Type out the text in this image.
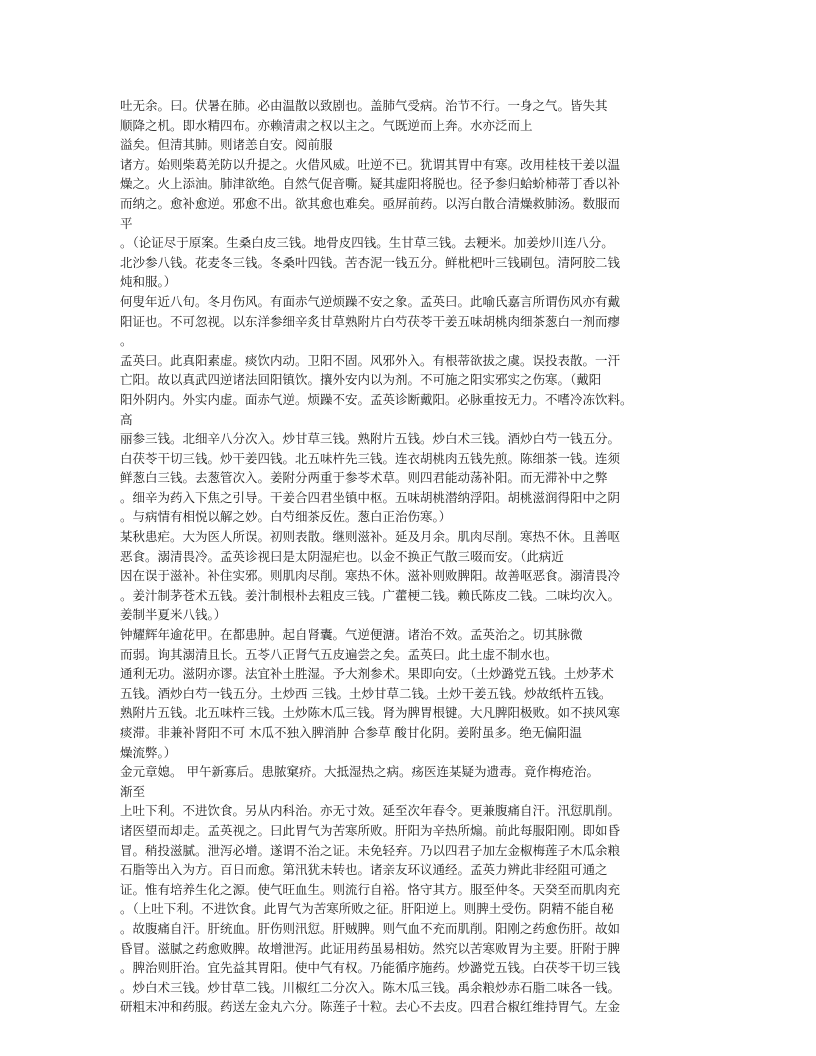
吐无余。曰。伏暑在肺。必由温散以致剧也。盖肺气受病。治节不行。一身之气。皆失其
顺降之机。即水精四布。亦赖清肃之权以主之。气既逆而上奔。水亦泛而上
溢矣。但清其肺。则诸恙自安。阅前服
诸方。始则柴葛羌防以升提之。火借风威。吐逆不已。犹谓其胃中有寒。改用桂枝干姜以温
燥之。火上添油。肺津欲绝。自然气促音嘶。疑其虚阳将脱也。径予参归蛤蚧柿蒂丁香以补
而纳之。愈补愈逆。邪愈不出。欲其愈也难矣。亟屏前药。以泻白散合清燥救肺汤。数服而
平
。（论证尽于原案。生桑白皮三钱。地骨皮四钱。生甘草三钱。去粳米。加姜炒川连八分。
北沙参八钱。花麦冬三钱。冬桑叶四钱。苦杏泥一钱五分。鲜枇杷叶三钱刷包。清阿胶二钱
炖和服。）
何叟年近八旬。冬月伤风。有面赤气逆烦躁不安之象。孟英曰。此喻氏嘉言所谓伤风亦有戴
阳证也。不可忽视。以东洋参细辛炙甘草熟附片白芍茯苓干姜五味胡桃肉细茶葱白一剂而瘳
。
孟英曰。此真阳素虚。痰饮内动。卫阳不固。风邪外入。有根蒂欲拔之虞。误投表散。一汗
亡阳。故以真武四逆诸法回阳镇饮。攘外安内以为剂。不可施之阳实邪实之伤寒。（戴阳
阳外阴内。外实内虚。面赤气逆。烦躁不安。孟英诊断戴阳。必脉重按无力。不嗜冷冻饮料。
高
丽参三钱。北细辛八分次入。炒甘草三钱。熟附片五钱。炒白术三钱。酒炒白芍一钱五分。
白茯苓干切三钱。炒干姜四钱。北五味杵先三钱。连衣胡桃肉五钱先煎。陈细茶一钱。连须
鲜葱白三钱。去葱管次入。姜附分两重于参苓术草。则四君能动荡补阳。而无滞补中之弊
。细辛为药入下焦之引导。干姜合四君坐镇中枢。五味胡桃潜纳浮阳。胡桃滋润得阳中之阴
。与病情有相悦以解之妙。白芍细茶反佐。葱白正治伤寒。）
某秋患疟。大为医人所误。初则表散。继则滋补。延及月余。肌肉尽削。寒热不休。且善呕
恶食。溺清畏冷。孟英诊视曰是太阴湿疟也。以金不换正气散三啜而安。（此病近
因在误于滋补。补住实邪。则肌肉尽削。寒热不休。滋补则败脾阳。故善呕恶食。溺清畏冷
。姜汁制茅苍术五钱。姜汁制根朴去粗皮三钱。广藿梗二钱。赖氏陈皮二钱。二味均次入。
姜制半夏米八钱。）
钟耀辉年逾花甲。在都患肿。起自肾囊。气逆便溏。诸治不效。孟英治之。切其脉微
而弱。询其溺清且长。五苓八正肾气五皮遍尝之矣。孟英曰。此土虚不制水也。
通利无功。滋阴亦谬。法宜补土胜湿。予大剂参术。果即向安。（土炒潞党五钱。土炒茅术
五钱。酒炒白芍一钱五分。土炒西 三钱。土炒甘草二钱。土炒干姜五钱。炒故纸杵五钱。
熟附片五钱。北五味杵三钱。土炒陈木瓜三钱。肾为脾胃根键。大凡脾阳极败。如不挟风寒
痰滞。非兼补肾阳不可 木瓜不独入脾消肿 合参草 酸甘化阴。姜附虽多。绝无偏阳温
燥流弊。）
金元章媳。 甲午新寡后。患脓窠疥。大抵湿热之病。疡医连某疑为遗毒。竟作梅疮治。
渐至
上吐下利。不进饮食。另从内科治。亦无寸效。延至次年春令。更兼腹痛自汗。汛愆肌削。
诸医望而却走。孟英视之。曰此胃气为苦寒所败。肝阳为辛热所煽。前此每服阳刚。即如昏
冒。稍投滋腻。泄泻必增。遂谓不治之证。未免轻弃。乃以四君子加左金椒梅莲子木瓜余粮
石脂等出入为方。百日而愈。第汛犹未转也。诸亲友环议通经。孟英力辨此非经阻可通之
证。惟有培养生化之源。使气旺血生。则流行自裕。恪守其方。服至仲冬。天癸至而肌肉充
。（上吐下利。不进饮食。此胃气为苦寒所败之征。肝阳逆上。则脾土受伤。阴精不能自秘
。故腹痛自汗。肝统血。肝伤则汛愆。肝贼脾。则气血不充而肌削。阳刚之药愈伤肝。故如
昏冒。滋腻之药愈败脾。故增泄泻。此证用药虽易相妨。然究以苦寒败胃为主要。肝附于脾
。脾治则肝治。宜先益其胃阳。使中气有权。乃能循序施药。炒潞党五钱。白茯苓干切三钱
。炒白术三钱。炒甘草二钱。川椒红二分次入。陈木瓜三钱。禹余粮炒赤石脂二味各一钱。
研粗末冲和药服。药送左金丸六分。陈莲子十粒。去心不去皮。四君合椒红维持胃气。左金
